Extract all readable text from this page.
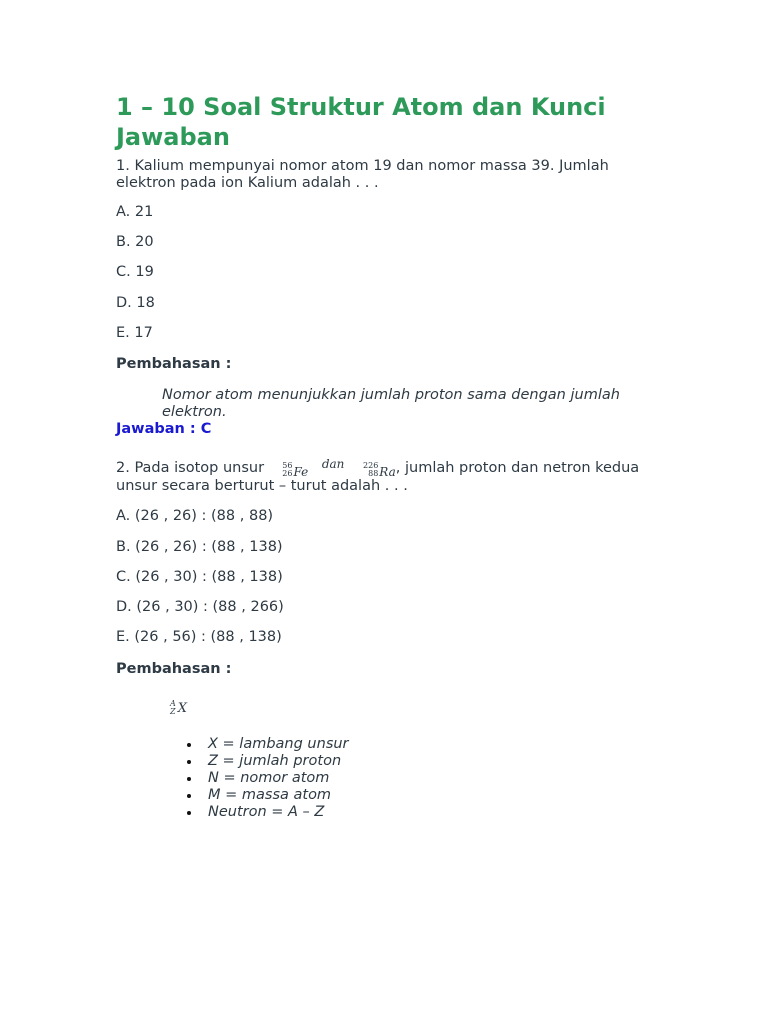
1 – 10 Soal Struktur Atom dan Kunci Jawaban

1. Kalium mempunyai nomor atom 19 dan nomor massa 39. Jumlah elektron pada ion Kalium adalah . . .

A. 21

B. 20

C. 19

D. 18

E. 17

Pembahasan :

Nomor atom menunjukkan jumlah proton sama dengan jumlah elektron.

Jawaban : C

2. Pada isotop unsur 56
26 Fe

dan
226
88 Ra , jumlah proton dan netron kedua unsur secara berturut – turut adalah . . .

A. (26 , 26) : (88 , 88)

B. (26 , 26) : (88 , 138)

C. (26 , 30) : (88 , 138)

D. (26 , 30) : (88 , 266)

E. (26 , 56) : (88 , 138)

Pembahasan :

A
Z X
X = lambang unsur
Z = jumlah proton
N = nomor atom
M = massa atom
Neutron = A – Z
